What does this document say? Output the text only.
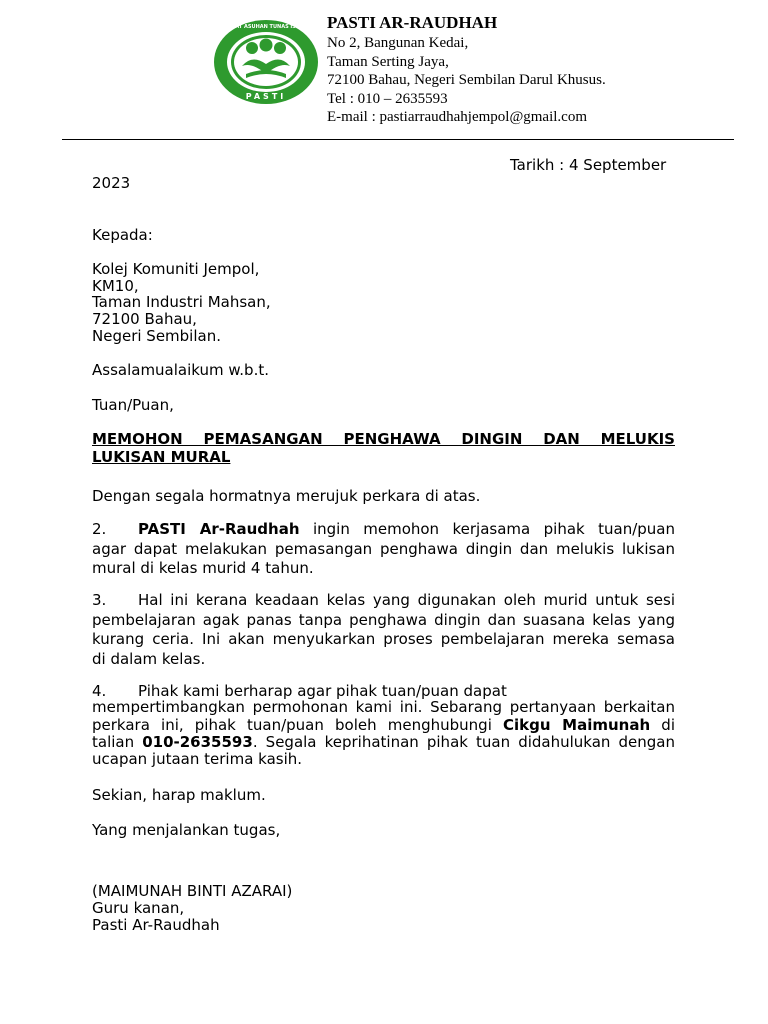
PASTI
PUSAT ASUHAN TUNAS ISLAM PASTI AR-RAUDHAH
No 2, Bangunan Kedai,
Taman Serting Jaya,
72100 Bahau, Negeri Sembilan Darul Khusus.
Tel : 010 – 2635593
E-mail : pastiarraudhahjempol@gmail.com
Tarikh : 4 September
2023
Kepada:
Kolej Komuniti Jempol,
KM10,
Taman Industri Mahsan,
72100 Bahau,
Negeri Sembilan.
Assalamualaikum w.b.t.
Tuan/Puan,
MEMOHON PEMASANGAN PENGHAWA DINGIN DAN MELUKIS
LUKISAN MURAL
Dengan segala hormatnya merujuk perkara di atas.
2. PASTI Ar-Raudhah ingin memohon kerjasama pihak tuan/puan
agar dapat melakukan pemasangan penghawa dingin dan melukis lukisan
mural di kelas murid 4 tahun.
3. Hal ini kerana keadaan kelas yang digunakan oleh murid untuk sesi
pembelajaran agak panas tanpa penghawa dingin dan suasana kelas yang
kurang ceria. Ini akan menyukarkan proses pembelajaran mereka semasa
di dalam kelas.
4. Pihak kami berharap agar pihak tuan/puan dapat
mempertimbangkan permohonan kami ini. Sebarang pertanyaan berkaitan
perkara ini, pihak tuan/puan boleh menghubungi Cikgu Maimunah di
talian 010-2635593. Segala keprihatinan pihak tuan didahulukan dengan
ucapan jutaan terima kasih.
Sekian, harap maklum.
Yang menjalankan tugas,
(MAIMUNAH BINTI AZARAI)
Guru kanan,
Pasti Ar-Raudhah
